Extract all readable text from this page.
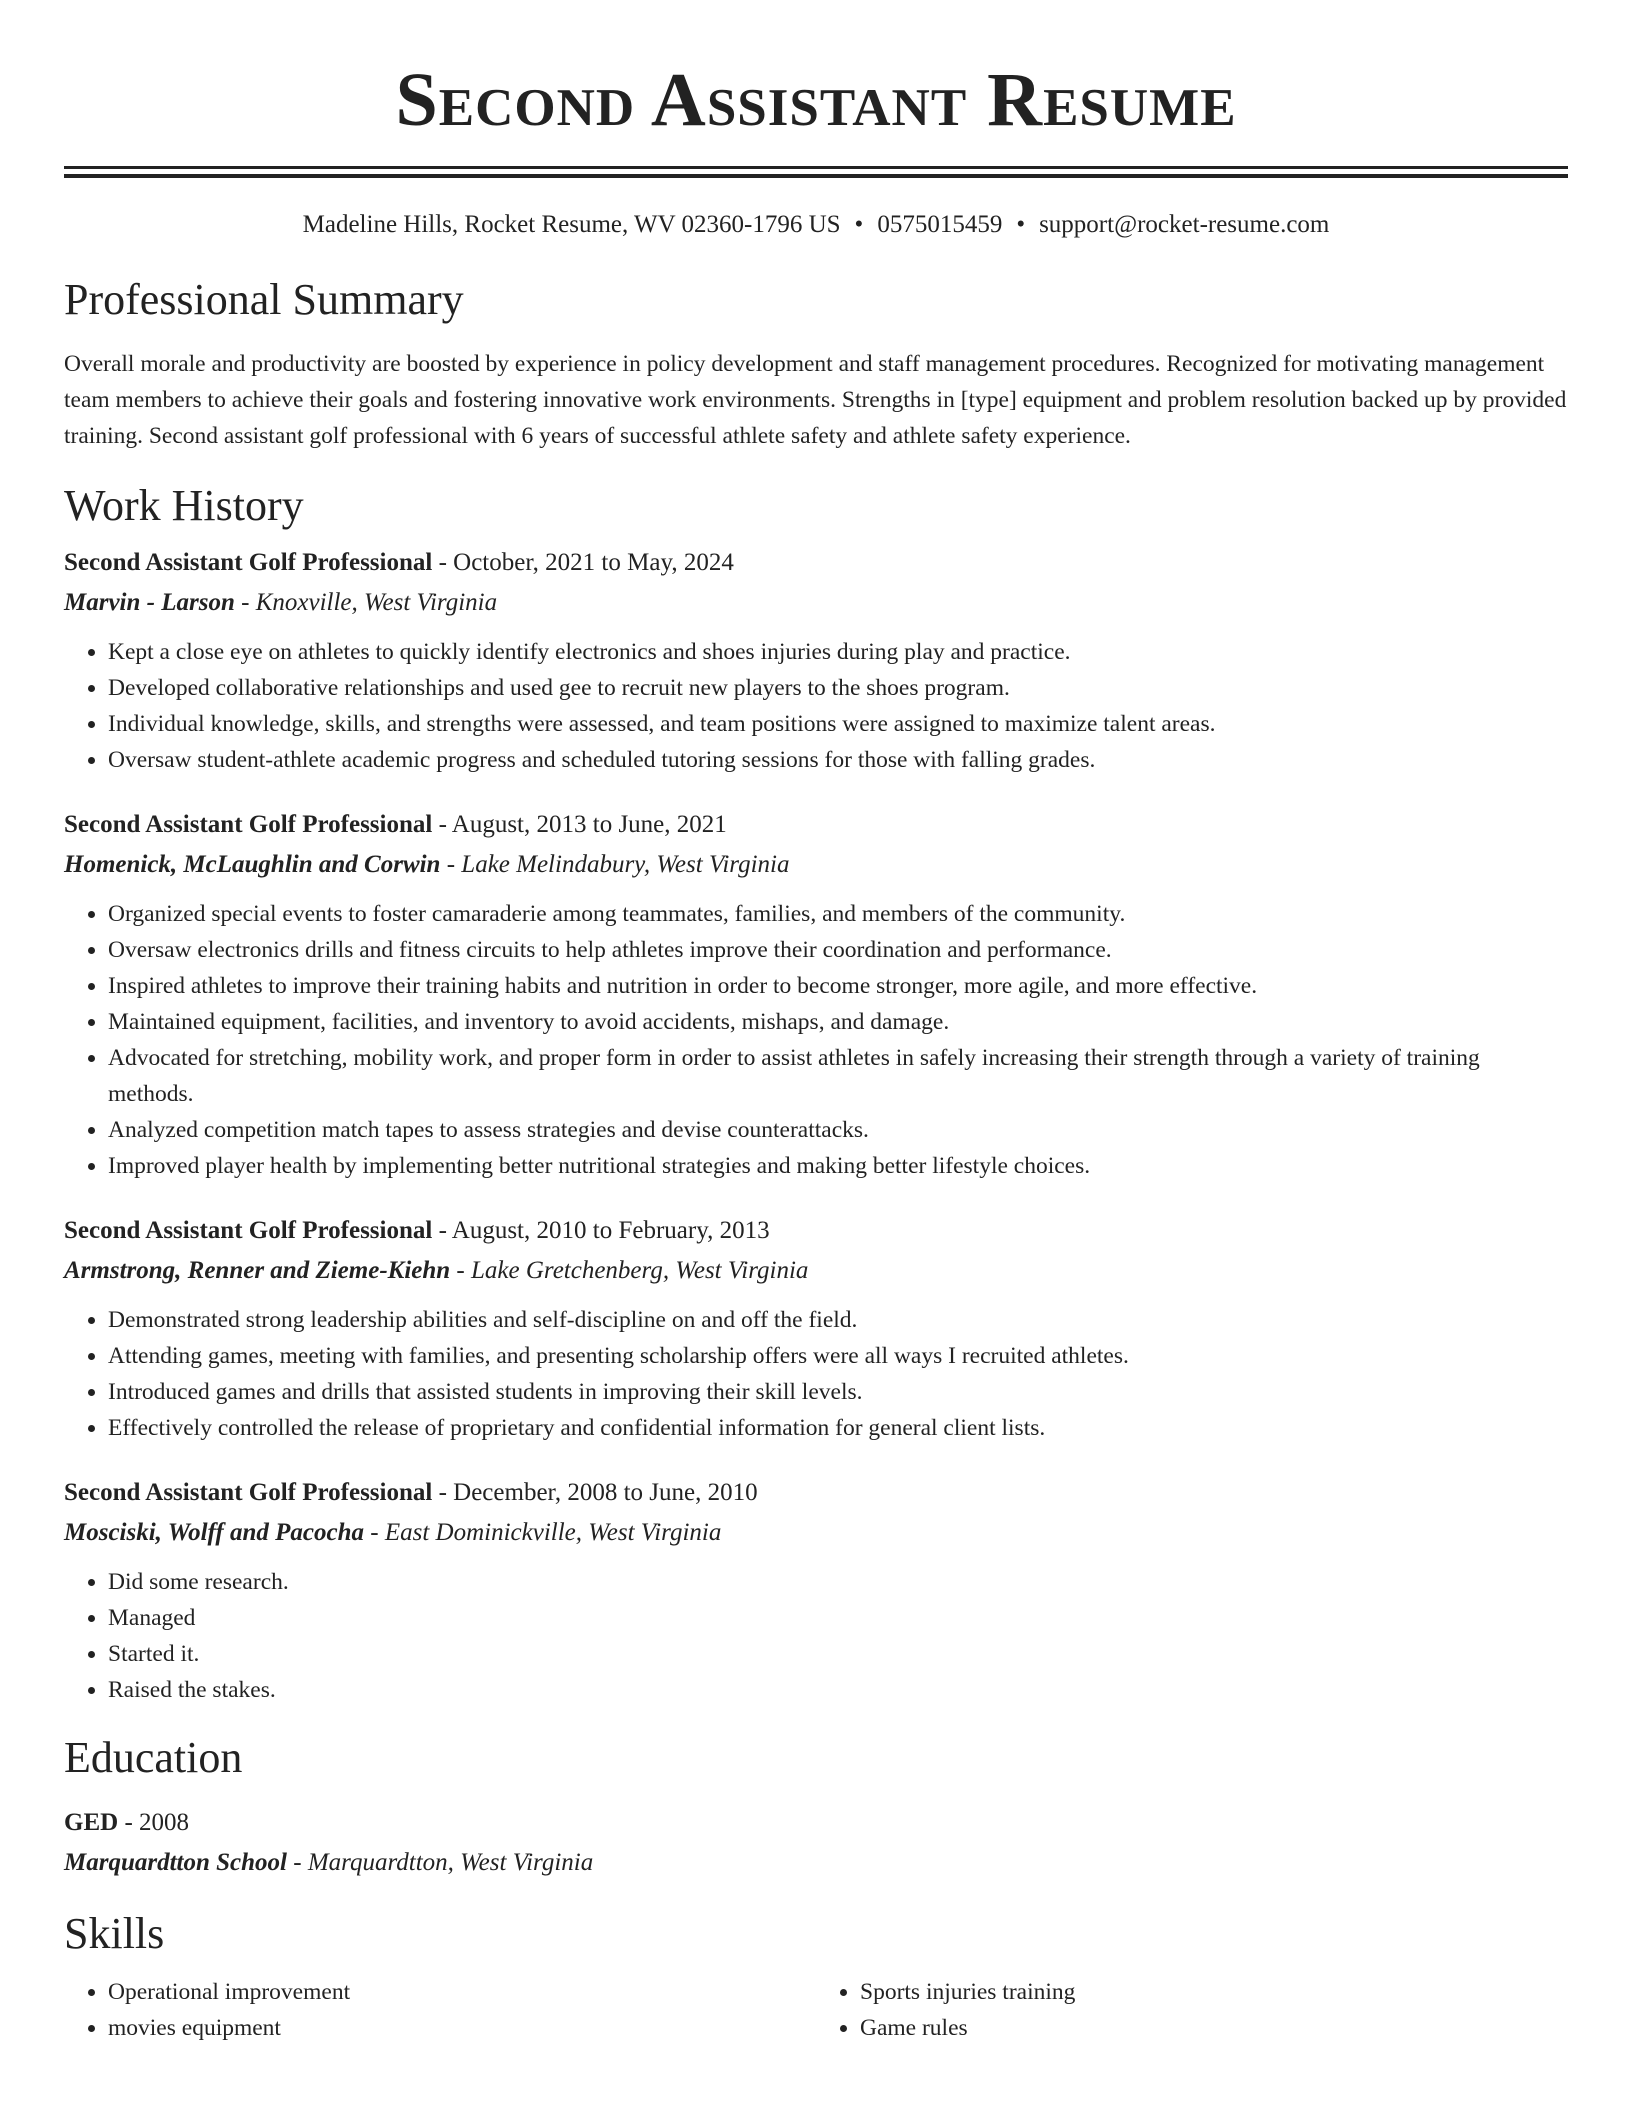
Second Assistant Resume
Madeline Hills, Rocket Resume, WV 02360-1796 US • 0575015459 • support@rocket-resume.com
Professional Summary

Overall morale and productivity are boosted by experience in policy development and staff management procedures. Recognized for motivating management team members to achieve their goals and fostering innovative work environments. Strengths in [type] equipment and problem resolution backed up by provided training. Second assistant golf professional with 6 years of successful athlete safety and athlete safety experience.

Work History
Second Assistant Golf Professional - October, 2021 to May, 2024
Marvin - Larson - Knoxville, West Virginia
• Kept a close eye on athletes to quickly identify electronics and shoes injuries during play and practice.
• Developed collaborative relationships and used gee to recruit new players to the shoes program.
• Individual knowledge, skills, and strengths were assessed, and team positions were assigned to maximize talent areas.
• Oversaw student-athlete academic progress and scheduled tutoring sessions for those with falling grades.
Second Assistant Golf Professional - August, 2013 to June, 2021
Homenick, McLaughlin and Corwin - Lake Melindabury, West Virginia
• Organized special events to foster camaraderie among teammates, families, and members of the community.
• Oversaw electronics drills and fitness circuits to help athletes improve their coordination and performance.
• Inspired athletes to improve their training habits and nutrition in order to become stronger, more agile, and more effective.
• Maintained equipment, facilities, and inventory to avoid accidents, mishaps, and damage.
• Advocated for stretching, mobility work, and proper form in order to assist athletes in safely increasing their strength through a variety of training methods.
• Analyzed competition match tapes to assess strategies and devise counterattacks.
• Improved player health by implementing better nutritional strategies and making better lifestyle choices.
Second Assistant Golf Professional - August, 2010 to February, 2013
Armstrong, Renner and Zieme-Kiehn - Lake Gretchenberg, West Virginia
• Demonstrated strong leadership abilities and self-discipline on and off the field.
• Attending games, meeting with families, and presenting scholarship offers were all ways I recruited athletes.
• Introduced games and drills that assisted students in improving their skill levels.
• Effectively controlled the release of proprietary and confidential information for general client lists.
Second Assistant Golf Professional - December, 2008 to June, 2010
Mosciski, Wolff and Pacocha - East Dominickville, West Virginia
• Did some research.
• Managed
• Started it.
• Raised the stakes.
Education
GED - 2008
Marquardtton School - Marquardtton, West Virginia
Skills
• Operational improvement
• movies equipment
• Sports injuries training
• Game rules
